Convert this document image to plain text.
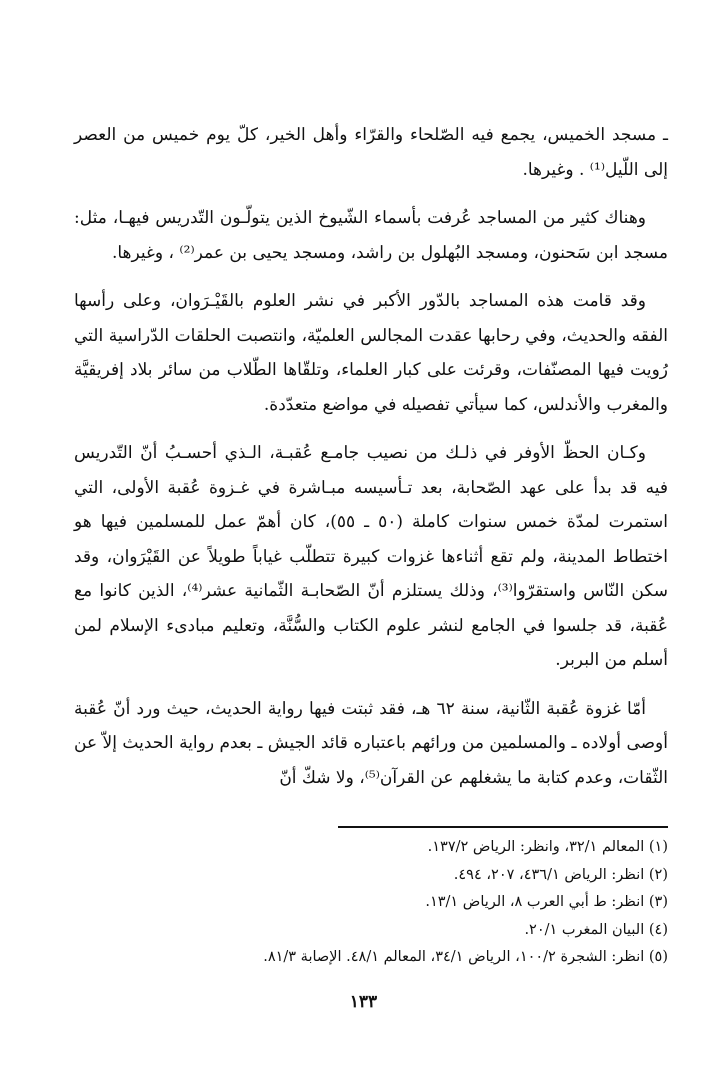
ـ مسجد الخميس، يجمع فيه الصّلحاء والقرّاء وأهل الخير، كلّ يوم خميس من العصر إلى اللّيل⁽¹⁾ . وغيرها.

وهناك كثير من المساجد عُرفت بأسماء الشّيوخ الذين يتولّـون التّدريس فيهـا، مثل: مسجد ابن سَحنون، ومسجد البُهلول بن راشد، ومسجد يحيى بن عمر⁽²⁾ ، وغيرها.

وقد قامت هذه المساجد بالدّور الأكبر في نشر العلوم بالقَيْـرَوان، وعلى رأسها الفقه والحديث، وفي رحابها عقدت المجالس العلميّة، وانتصبت الحلقات الدّراسية التي رُويت فيها المصنّفات، وقرئت على كبار العلماء، وتلقّاها الطّلاب من سائر بلاد إفريقيَّة والمغرب والأندلس، كما سيأتي تفصيله في مواضع متعدّدة.

وكـان الحظّ الأوفر في ذلـك من نصيب جامـع عُقبـة، الـذي أحسـبُ أنّ التّدريس فيه قد بدأ على عهد الصّحابة، بعد تـأسيسه مبـاشرة في غـزوة عُقبة الأولى، التي استمرت لمدّة خمس سنوات كاملة (٥٠ ـ ٥٥)، كان أهمّ عمل للمسلمين فيها هو اختطاط المدينة، ولم تقع أثناءها غزوات كبيرة تتطلّب غياباً طويلاً عن القَيْرَوان، وقد سكن النّاس واستقرّوا⁽³⁾، وذلك يستلزم أنّ الصّحابـة الثّمانية عشر⁽⁴⁾، الذين كانوا مع عُقبة، قد جلسوا في الجامع لنشر علوم الكتاب والسُّنَّة، وتعليم مبادىء الإسلام لمن أسلم من البربر.

أمّا غزوة عُقبة الثّانية، سنة ٦٢ هـ، فقد ثبتت فيها رواية الحديث، حيث ورد أنّ عُقبة أوصى أولاده ـ والمسلمين من ورائهم باعتباره قائد الجيش ـ بعدم رواية الحديث إلاّ عن الثّقات، وعدم كتابة ما يشغلهم عن القرآن⁽⁵⁾، ولا شكّ أنّ

(١) المعالم ٣٢/١، وانظر: الرياض ١٣٧/٢.

(٢) انظر: الرياض ٤٣٦/١، ٢٠٧، ٤٩٤.

(٣) انظر: ط أبي العرب ٨، الرياض ١٣/١.

(٤) البيان المغرب ٢٠/١.

(٥) انظر: الشجرة ١٠٠/٢، الرياض ٣٤/١، المعالم ٤٨/١. الإصابة ٨١/٣.

١٣٣
